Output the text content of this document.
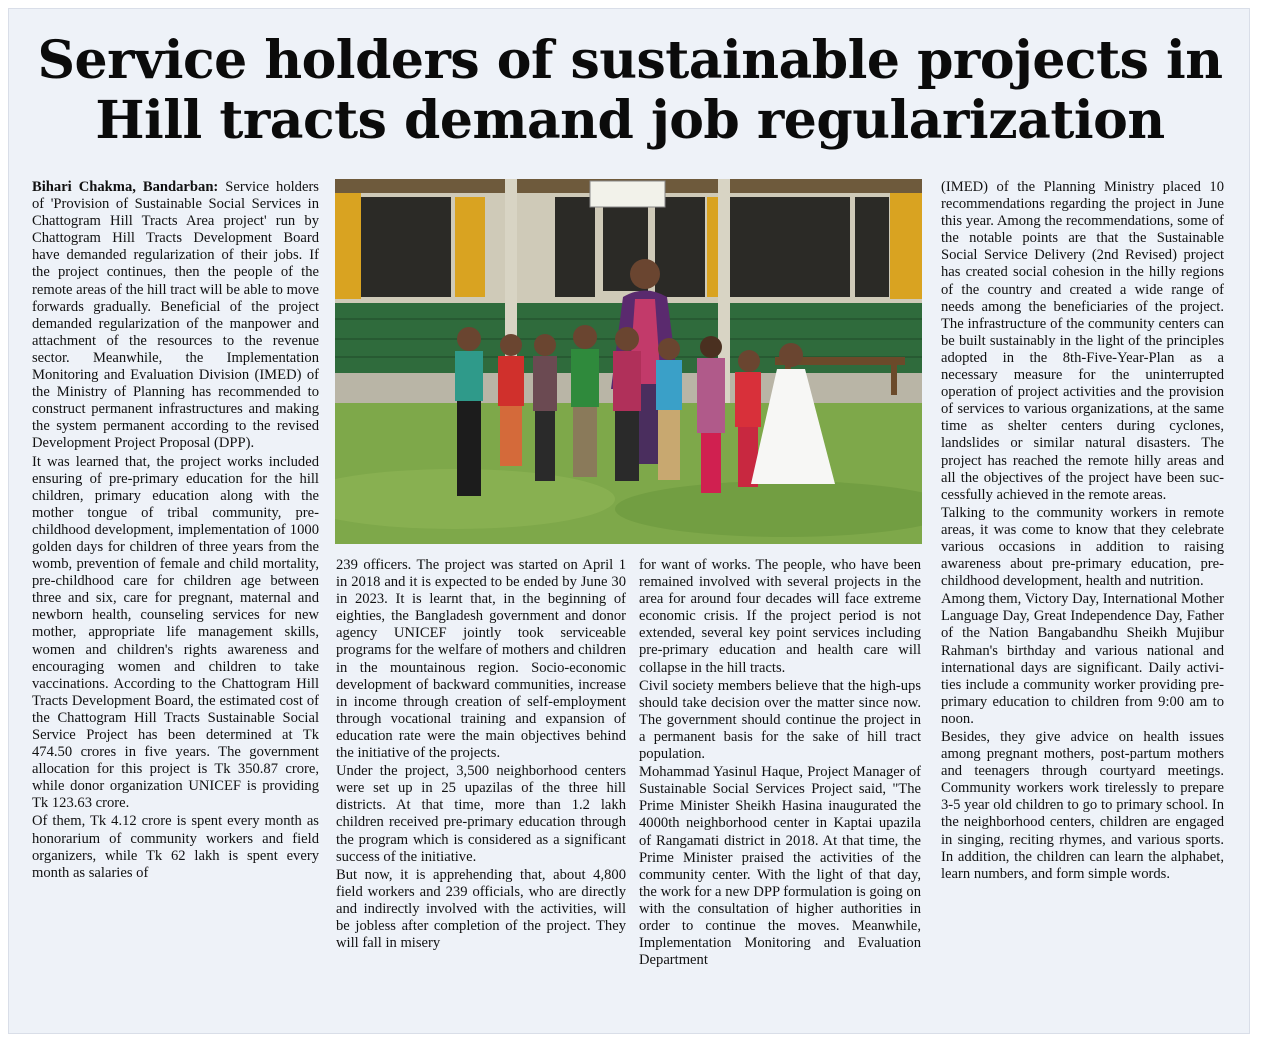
Service holders of sustainable projects in Hill tracts demand job regularization

Bihari Chakma, Bandarban: Service holders of 'Provision of Sustainable Social Services in Chattogram Hill Tracts Area project' run by Chattogram Hill Tracts Development Board have demanded regularization of their jobs. If the project continues, then the people of the remote areas of the hill tract will be able to move forwards gradually. Beneficial of the project demanded regularization of the manpower and attachment of the resources to the revenue sector. Meanwhile, the Implementation Monitoring and Evaluation Division (IMED) of the Ministry of Planning has recommended to construct permanent infrastructures and making the system permanent according to the revised Development Project Proposal (DPP).

It was learned that, the project works included ensuring of pre-primary education for the hill children, primary education along with the mother tongue of tribal community, pre-childhood development, implementation of 1000 golden days for children of three years from the womb, prevention of female and child mortality, pre-childhood care for children age between three and six, care for pregnant, maternal and newborn health, counseling services for new mother, appropriate life management skills, women and children's rights awareness and encouraging women and children to take vaccinations. According to the Chattogram Hill Tracts Development Board, the estimated cost of the Chattogram Hill Tracts Sustainable Social Service Project has been determined at Tk 474.50 crores in five years. The government allocation for this project is Tk 350.87 crore, while donor organization UNICEF is providing Tk 123.63 crore.

Of them, Tk 4.12 crore is spent every month as honorarium of community workers and field organizers, while Tk 62 lakh is spent every month as salaries of

239 officers. The project was started on April 1 in 2018 and it is expected to be ended by June 30 in 2023. It is learnt that, in the beginning of eighties, the Bangladesh government and donor agency UNICEF jointly took serviceable programs for the welfare of mothers and children in the mountainous region. Socio-economic development of backward communities, increase in income through creation of self-employment through vocational training and expansion of education rate were the main objectives behind the initiative of the projects.

Under the project, 3,500 neighborhood centers were set up in 25 upazilas of the three hill districts. At that time, more than 1.2 lakh children received pre-primary education through the program which is considered as a significant success of the initiative.

But now, it is apprehending that, about 4,800 field workers and 239 officials, who are directly and indirectly involved with the activities, will be jobless after completion of the project. They will fall in misery

for want of works. The people, who have been remained involved with several projects in the area for around four decades will face extreme economic crisis. If the project period is not extended, several key point services including pre-primary education and health care will collapse in the hill tracts.

Civil society members believe that the high-ups should take decision over the matter since now. The government should continue the project in a permanent basis for the sake of hill tract population.

Mohammad Yasinul Haque, Project Manager of Sustainable Social Services Project said, "The Prime Minister Sheikh Hasina inaugurated the 4000th neighborhood center in Kaptai upazila of Rangamati district in 2018. At that time, the Prime Minister praised the activities of the community center. With the light of that day, the work for a new DPP formulation is going on with the consultation of higher authorities in order to continue the moves. Meanwhile, Implementation Monitoring and Evaluation Department

(IMED) of the Planning Ministry placed 10 recommendations regarding the project in June this year. Among the recommendations, some of the notable points are that the Sustainable Social Service Delivery (2nd Revised) project has created social cohesion in the hilly regions of the country and created a wide range of needs among the beneficiaries of the project. The infrastructure of the community centers can be built sustainably in the light of the principles adopted in the 8th-Five-Year-Plan as a necessary measure for the uninterrupted operation of project activities and the provision of services to various organizations, at the same time as shelter centers during cyclones, landslides or similar natural disasters. The project has reached the remote hilly areas and all the objectives of the project have been successfully achieved in the remote areas.

Talking to the community workers in remote areas, it was come to know that they celebrate various occasions in addition to raising awareness about pre-primary education, pre-childhood development, health and nutrition.

Among them, Victory Day, International Mother Language Day, Great Independence Day, Father of the Nation Bangabandhu Sheikh Mujibur Rahman's birthday and various national and international days are significant. Daily activities include a community worker providing pre-primary education to children from 9:00 am to noon.

Besides, they give advice on health issues among pregnant mothers, post-partum mothers and teenagers through courtyard meetings. Community workers work tirelessly to prepare 3-5 year old children to go to primary school. In the neighborhood centers, children are engaged in singing, reciting rhymes, and various sports. In addition, the children can learn the alphabet, learn numbers, and form simple words.
